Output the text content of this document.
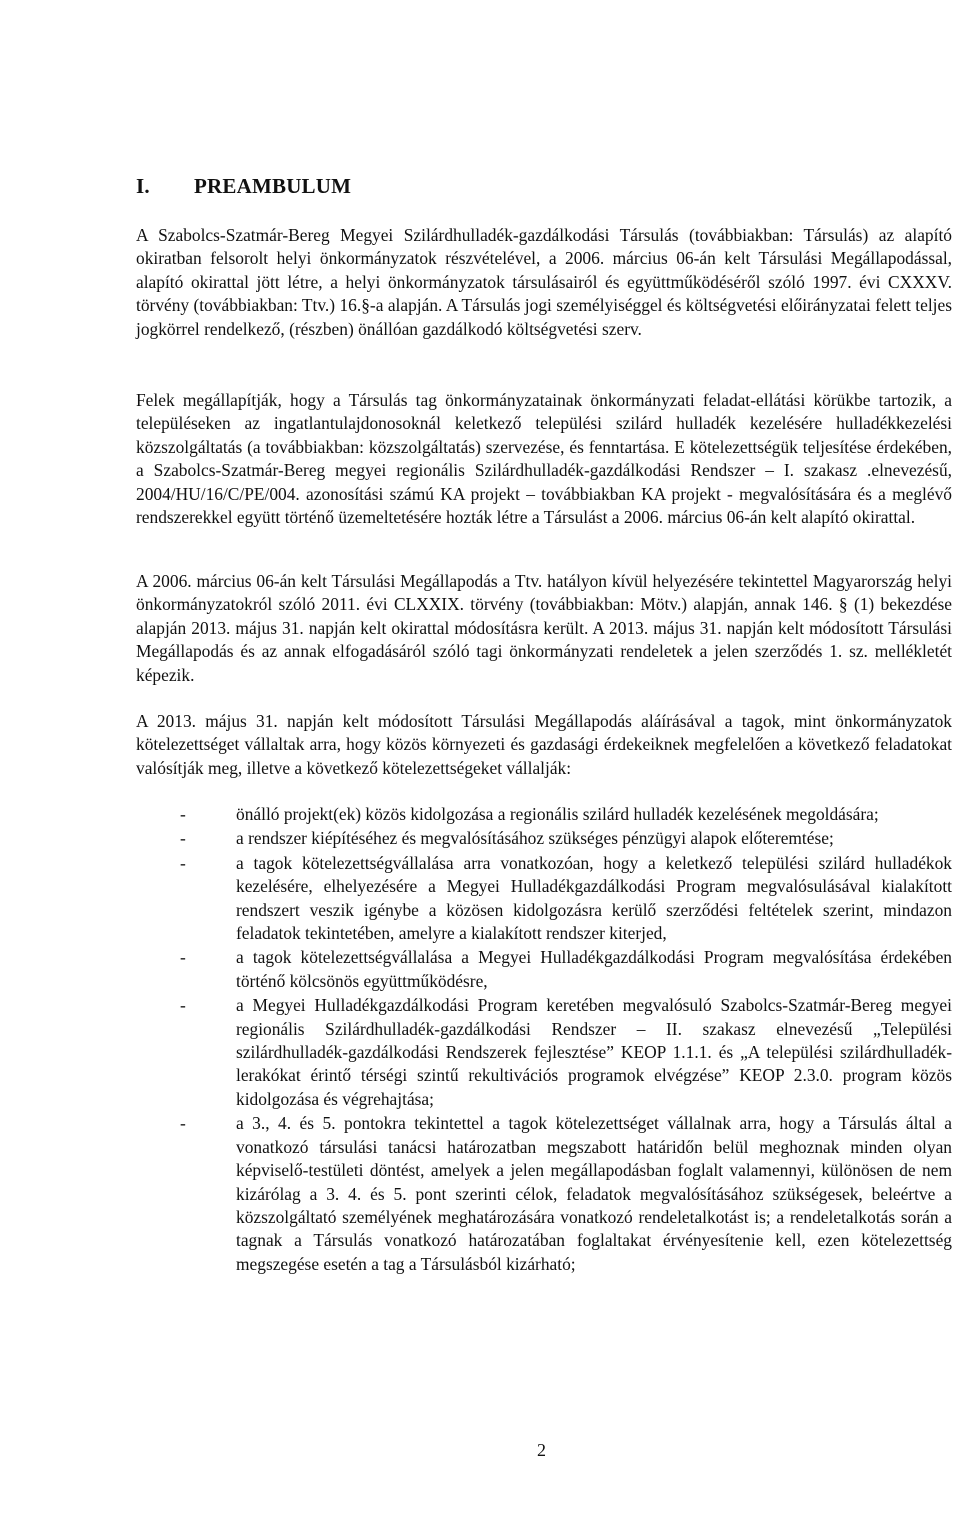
I. PREAMBULUM

A Szabolcs-Szatmár-Bereg Megyei Szilárdhulladék-gazdálkodási Társulás (továbbiakban: Társulás) az alapító okiratban felsorolt helyi önkormányzatok részvételével, a 2006. március 06-án kelt Társulási Megállapodással, alapító okirattal jött létre, a helyi önkormányzatok társulásairól és együttműködéséről szóló 1997. évi CXXXV. törvény (továbbiakban: Ttv.) 16.§-a alapján. A Társulás jogi személyiséggel és költségvetési előirányzatai felett teljes jogkörrel rendelkező, (részben) önállóan gazdálkodó költségvetési szerv.

Felek megállapítják, hogy a Társulás tag önkormányzatainak önkormányzati feladat-ellátási körükbe tartozik, a településeken az ingatlantulajdonosoknál keletkező települési szilárd hulladék kezelésére hulladékkezelési közszolgáltatás (a továbbiakban: közszolgáltatás) szervezése, és fenntartása. E kötelezettségük teljesítése érdekében, a Szabolcs-Szatmár-Bereg megyei regionális Szilárdhulladék-gazdálkodási Rendszer – I. szakasz .elnevezésű, 2004/HU/16/C/PE/004. azonosítási számú KA projekt – továbbiakban KA projekt - megvalósítására és a meglévő rendszerekkel együtt történő üzemeltetésére hozták létre a Társulást a 2006. március 06-án kelt alapító okirattal.

A 2006. március 06-án kelt Társulási Megállapodás a Ttv. hatályon kívül helyezésére tekintettel Magyarország helyi önkormányzatokról szóló 2011. évi CLXXIX. törvény (továbbiakban: Mötv.) alapján, annak 146. § (1) bekezdése alapján 2013. május 31. napján kelt okirattal módosításra került. A 2013. május 31. napján kelt módosított Társulási Megállapodás és az annak elfogadásáról szóló tagi önkormányzati rendeletek a jelen szerződés 1. sz. mellékletét képezik.

A 2013. május 31. napján kelt módosított Társulási Megállapodás aláírásával a tagok, mint önkormányzatok kötelezettséget vállaltak arra, hogy közös környezeti és gazdasági érdekeiknek megfelelően a következő feladatokat valósítják meg, illetve a következő kötelezettségeket vállalják:

-	önálló projekt(ek) közös kidolgozása a regionális szilárd hulladék kezelésének megoldására;
-	a rendszer kiépítéséhez és megvalósításához szükséges pénzügyi alapok előteremtése;
-	a tagok kötelezettségvállalása arra vonatkozóan, hogy a keletkező települési szilárd hulladékok kezelésére, elhelyezésére a Megyei Hulladékgazdálkodási Program megvalósulásával kialakított rendszert veszik igénybe a közösen kidolgozásra kerülő szerződési feltételek szerint, mindazon feladatok tekintetében, amelyre a kialakított rendszer kiterjed,
-	a tagok kötelezettségvállalása a Megyei Hulladékgazdálkodási Program megvalósítása érdekében történő kölcsönös együttműködésre,
-	a Megyei Hulladékgazdálkodási Program keretében megvalósuló Szabolcs-Szatmár-Bereg megyei regionális Szilárdhulladék-gazdálkodási Rendszer – II. szakasz elnevezésű „Települési szilárdhulladék-gazdálkodási Rendszerek fejlesztése” KEOP 1.1.1. és „A települési szilárdhulladék-lerakókat érintő térségi szintű rekultivációs programok elvégzése” KEOP 2.3.0. program közös kidolgozása és végrehajtása;
-	a 3., 4. és 5. pontokra tekintettel a tagok kötelezettséget vállalnak arra, hogy a Társulás által a vonatkozó társulási tanácsi határozatban megszabott határidőn belül meghoznak minden olyan képviselő-testületi döntést, amelyek a jelen megállapodásban foglalt valamennyi, különösen de nem kizárólag a 3. 4. és 5. pont szerinti célok, feladatok megvalósításához szükségesek, beleértve a közszolgáltató személyének meghatározására vonatkozó rendeletalkotást is; a rendeletalkotás során a tagnak a Társulás vonatkozó határozatában foglaltakat érvényesítenie kell, ezen kötelezettség megszegése esetén a tag a Társulásból kizárható;
2
